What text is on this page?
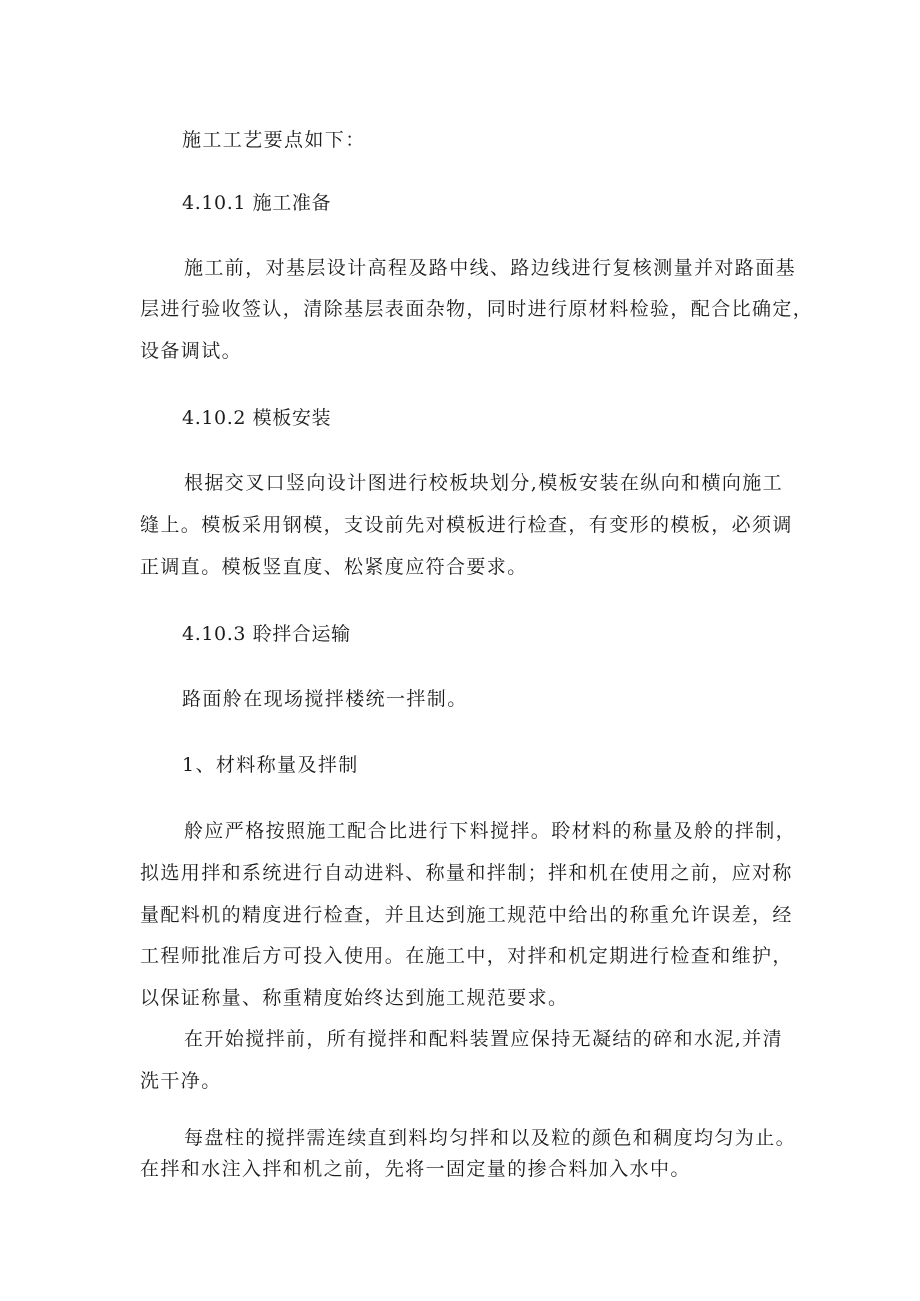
施工工艺要点如下：
4.10.1 施工准备
施工前，对基层设计高程及路中线、路边线进行复核测量并对路面基
层进行验收签认，清除基层表面杂物，同时进行原材料检验，配合比确定，
设备调试。
4.10.2 模板安装
根据交叉口竖向设计图进行校板块划分,模板安装在纵向和横向施工
缝上。模板采用钢模，支设前先对模板进行检查，有变形的模板，必须调
正调直。模板竖直度、松紧度应符合要求。
4.10.3 聆拌合运输
路面舲在现场搅拌楼统一拌制。
1、材料称量及拌制
舲应严格按照施工配合比进行下料搅拌。聆材料的称量及舲的拌制，
拟选用拌和系统进行自动进料、称量和拌制；拌和机在使用之前，应对称
量配料机的精度进行检查，并且达到施工规范中给出的称重允许误差，经
工程师批准后方可投入使用。在施工中，对拌和机定期进行检查和维护，
以保证称量、称重精度始终达到施工规范要求。
在开始搅拌前，所有搅拌和配料装置应保持无凝结的碎和水泥,并清
洗干净。
每盘柱的搅拌需连续直到料均匀拌和以及粒的颜色和稠度均匀为止。
在拌和水注入拌和机之前，先将一固定量的掺合料加入水中。
